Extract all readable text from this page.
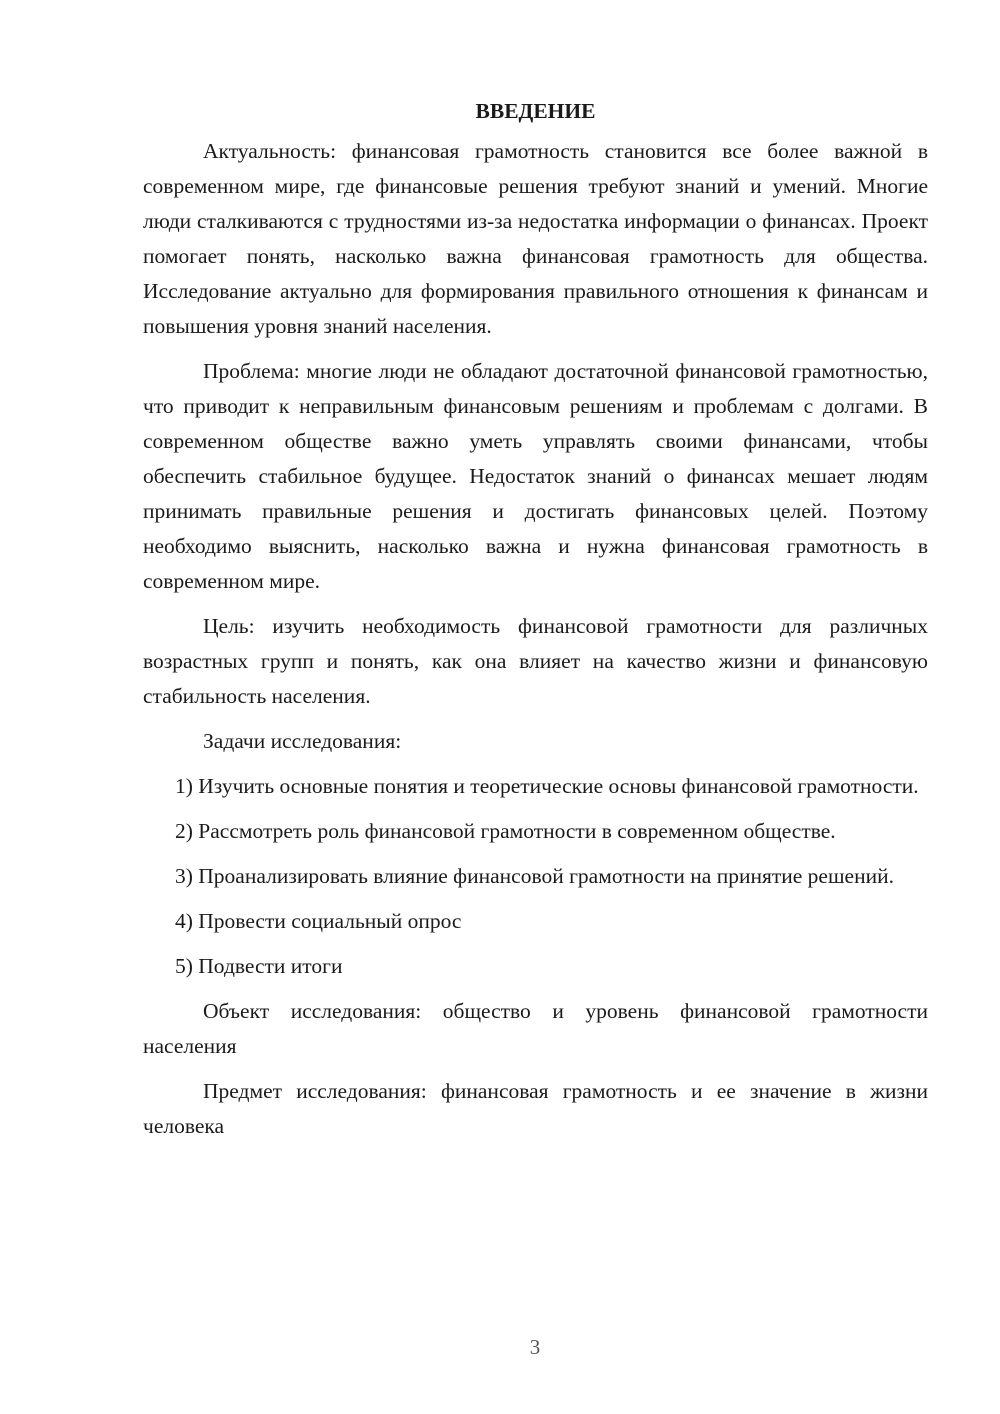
ВВЕДЕНИЕ

Актуальность: финансовая грамотность становится все более важной в современном мире, где финансовые решения требуют знаний и умений. Многие люди сталкиваются с трудностями из-за недостатка информации о финансах. Проект помогает понять, насколько важна финансовая грамотность для общества. Исследование актуально для формирования правильного отношения к финансам и повышения уровня знаний населения.

Проблема: многие люди не обладают достаточной финансовой грамотностью, что приводит к неправильным финансовым решениям и проблемам с долгами. В современном обществе важно уметь управлять своими финансами, чтобы обеспечить стабильное будущее. Недостаток знаний о финансах мешает людям принимать правильные решения и достигать финансовых целей. Поэтому необходимо выяснить, насколько важна и нужна финансовая грамотность в современном мире.

Цель: изучить необходимость финансовой грамотности для различных возрастных групп и понять, как она влияет на качество жизни и финансовую стабильность населения.

Задачи исследования:

1) Изучить основные понятия и теоретические основы финансовой грамотности.

2) Рассмотреть роль финансовой грамотности в современном обществе.

3) Проанализировать влияние финансовой грамотности на принятие решений.

4) Провести социальный опрос

5) Подвести итоги

Объект исследования: общество и уровень финансовой грамотности населения

Предмет исследования: финансовая грамотность и ее значение в жизни человека

3
